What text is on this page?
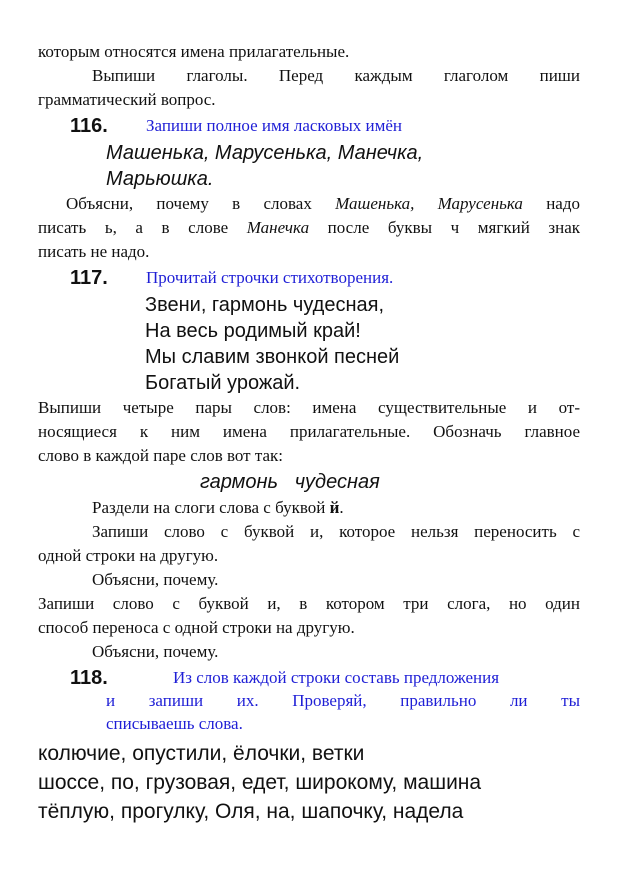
которым относятся имена прилагательные.
Выпиши глаголы. Перед каждым глаголом пиши
грамматический вопрос.
116. Запиши полное имя ласковых имён
Машенька, Марусенька, Манечка,
Марьюшка.
Объясни, почему в словах Машенька, Марусенька надо
писать ь, а в слове Манечка после буквы ч мягкий знак
писать не надо.
117. Прочитай строчки стихотворения.
Звени, гармонь чудесная,
На весь родимый край!
Мы славим звонкой песней
Богатый урожай.
Выпиши четыре пары слов: имена существительные и от-
носящиеся к ним имена прилагательные. Обозначь главное
слово в каждой паре слов вот так:
гармонь   чудесная
Раздели на слоги слова с буквой й.
Запиши слово с буквой и, которое нельзя переносить с
одной строки на другую.
Объясни, почему.
Запиши слово с буквой и, в котором три слога, но один
способ переноса с одной строки на другую.
Объясни, почему.
118.	Из слов каждой строки составь предложения
и запиши их. Проверяй, правильно ли ты
списываешь слова.
колючие, опустили, ёлочки, ветки
шоссе, по, грузовая, едет, широкому, машина
тёплую, прогулку, Оля, на, шапочку, надела
